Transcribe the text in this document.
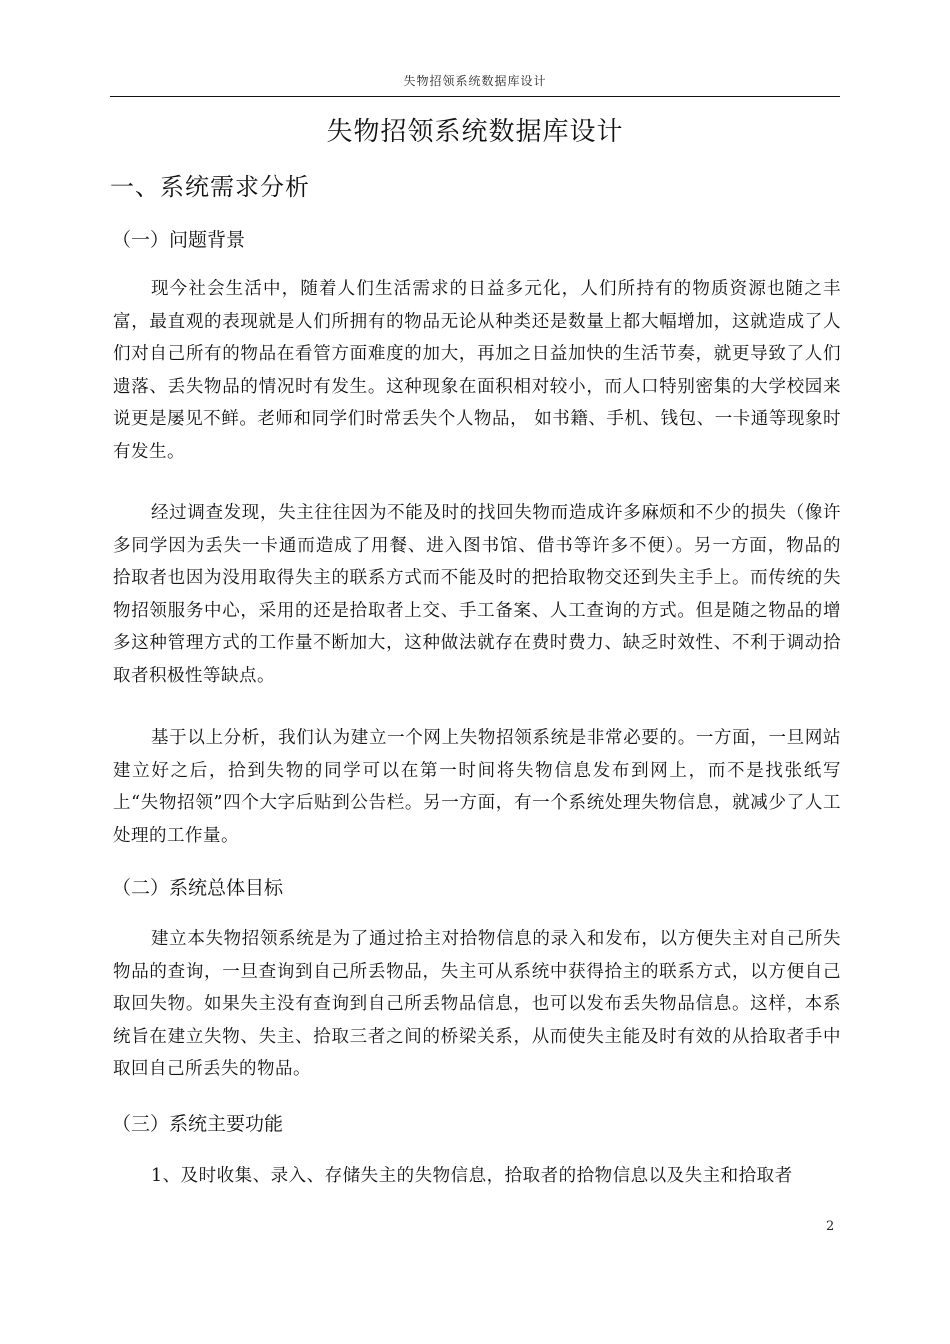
失物招领系统数据库设计
失物招领系统数据库设计
一、系统需求分析
（一）问题背景

现今社会生活中，随着人们生活需求的日益多元化，人们所持有的物质资源也随之丰富，最直观的表现就是人们所拥有的物品无论从种类还是数量上都大幅增加，这就造成了人们对自己所有的物品在看管方面难度的加大，再加之日益加快的生活节奏，就更导致了人们遗落、丢失物品的情况时有发生。这种现象在面积相对较小，而人口特别密集的大学校园来说更是屡见不鲜。老师和同学们时常丢失个人物品， 如书籍、手机、钱包、一卡通等现象时有发生。

经过调查发现，失主往往因为不能及时的找回失物而造成许多麻烦和不少的损失（像许多同学因为丢失一卡通而造成了用餐、进入图书馆、借书等许多不便）。另一方面，物品的拾取者也因为没用取得失主的联系方式而不能及时的把拾取物交还到失主手上。而传统的失物招领服务中心，采用的还是拾取者上交、手工备案、人工查询的方式。但是随之物品的增多这种管理方式的工作量不断加大，这种做法就存在费时费力、缺乏时效性、不利于调动拾取者积极性等缺点。

基于以上分析，我们认为建立一个网上失物招领系统是非常必要的。一方面，一旦网站建立好之后，拾到失物的同学可以在第一时间将失物信息发布到网上，而不是找张纸写上“失物招领”四个大字后贴到公告栏。另一方面，有一个系统处理失物信息，就减少了人工处理的工作量。

（二）系统总体目标

建立本失物招领系统是为了通过拾主对拾物信息的录入和发布，以方便失主对自己所失物品的查询，一旦查询到自己所丢物品，失主可从系统中获得拾主的联系方式，以方便自己取回失物。如果失主没有查询到自己所丢物品信息，也可以发布丢失物品信息。这样，本系统旨在建立失物、失主、拾取三者之间的桥梁关系，从而使失主能及时有效的从拾取者手中取回自己所丢失的物品。

（三）系统主要功能

1、及时收集、录入、存储失主的失物信息，拾取者的拾物信息以及失主和拾取者

2
